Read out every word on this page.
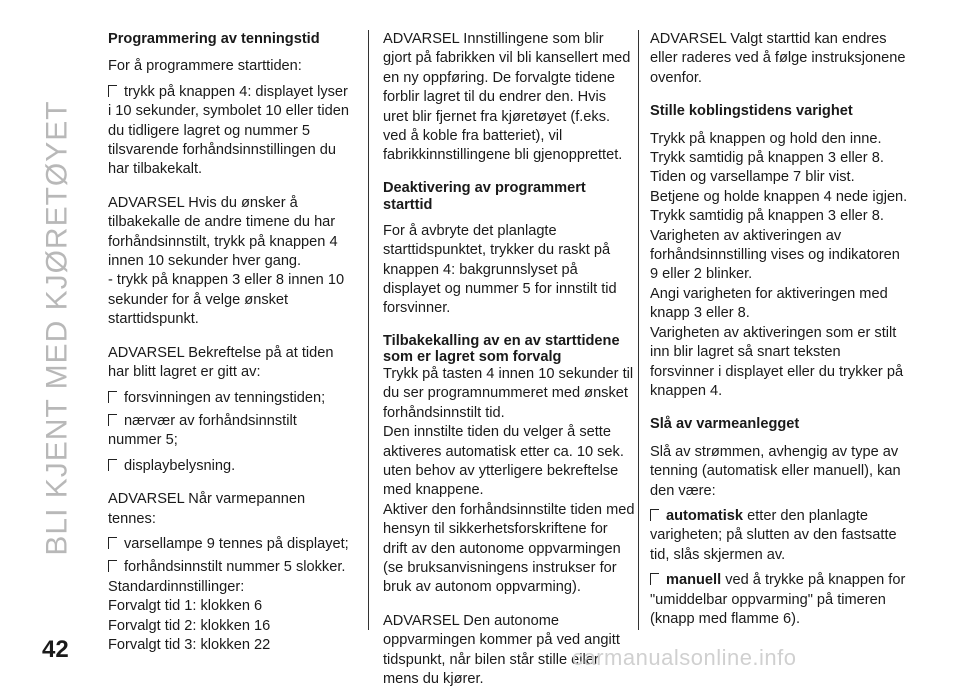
BLI KJENT MED KJØRETØYET

Programmering av tenningstid

For å programmere starttiden:

trykk på knappen 4: displayet lyser i 10 sekunder, symbolet 10 eller tiden du tidligere lagret og nummer 5 tilsvarende forhåndsinnstillingen du har tilbakekalt.

ADVARSEL Hvis du ønsker å tilbakekalle de andre timene du har forhåndsinnstilt, trykk på knappen 4 innen 10 sekunder hver gang.

- trykk på knappen 3 eller 8 innen 10 sekunder for å velge ønsket starttidspunkt.

ADVARSEL Bekreftelse på at tiden har blitt lagret er gitt av:

forsvinningen av tenningstiden;

nærvær av forhåndsinnstilt nummer 5;

displaybelysning.

ADVARSEL Når varmepannen tennes:

varsellampe 9 tennes på displayet;

forhåndsinnstilt nummer 5 slokker.

Standardinnstillinger:

Forvalgt tid 1: klokken 6

Forvalgt tid 2: klokken 16

Forvalgt tid 3: klokken 22

ADVARSEL Innstillingene som blir gjort på fabrikken vil bli kansellert med en ny oppføring. De forvalgte tidene forblir lagret til du endrer den. Hvis uret blir fjernet fra kjøretøyet (f.eks. ved å koble fra batteriet), vil fabrikkinnstillingene bli gjenopprettet.

Deaktivering av programmert starttid

For å avbryte det planlagte starttidspunktet, trykker du raskt på knappen 4: bakgrunnslyset på displayet og nummer 5 for innstilt tid forsvinner.

Tilbakekalling av en av starttidene som er lagret som forvalg

Trykk på tasten 4 innen 10 sekunder til du ser programnummeret med ønsket forhåndsinnstilt tid.

Den innstilte tiden du velger å sette aktiveres automatisk etter ca. 10 sek. uten behov av ytterligere bekreftelse med knappene.

Aktiver den forhåndsinnstilte tiden med hensyn til sikkerhetsforskriftene for drift av den autonome oppvarmingen (se bruksanvisningens instrukser for bruk av autonom oppvarming).

ADVARSEL Den autonome oppvarmingen kommer på ved angitt tidspunkt, når bilen står stille eller mens du kjører.

ADVARSEL Valgt starttid kan endres eller raderes ved å følge instruksjonene ovenfor.

Stille koblingstidens varighet

Trykk på knappen og hold den inne.

Trykk samtidig på knappen 3 eller 8.

Tiden og varsellampe 7 blir vist.

Betjene og holde knappen 4 nede igjen.

Trykk samtidig på knappen 3 eller 8.

Varigheten av aktiveringen av forhåndsinnstilling vises og indikatoren 9 eller 2 blinker.

Angi varigheten for aktiveringen med knapp 3 eller 8.

Varigheten av aktiveringen som er stilt inn blir lagret så snart teksten forsvinner i displayet eller du trykker på knappen 4.

Slå av varmeanlegget

Slå av strømmen, avhengig av type av tenning (automatisk eller manuell), kan den være:

automatisk etter den planlagte varigheten; på slutten av den fastsatte tid, slås skjermen av.

manuell ved å trykke på knappen for "umiddelbar oppvarming" på timeren (knapp med flamme 6).

42	carmanualsonline.info
